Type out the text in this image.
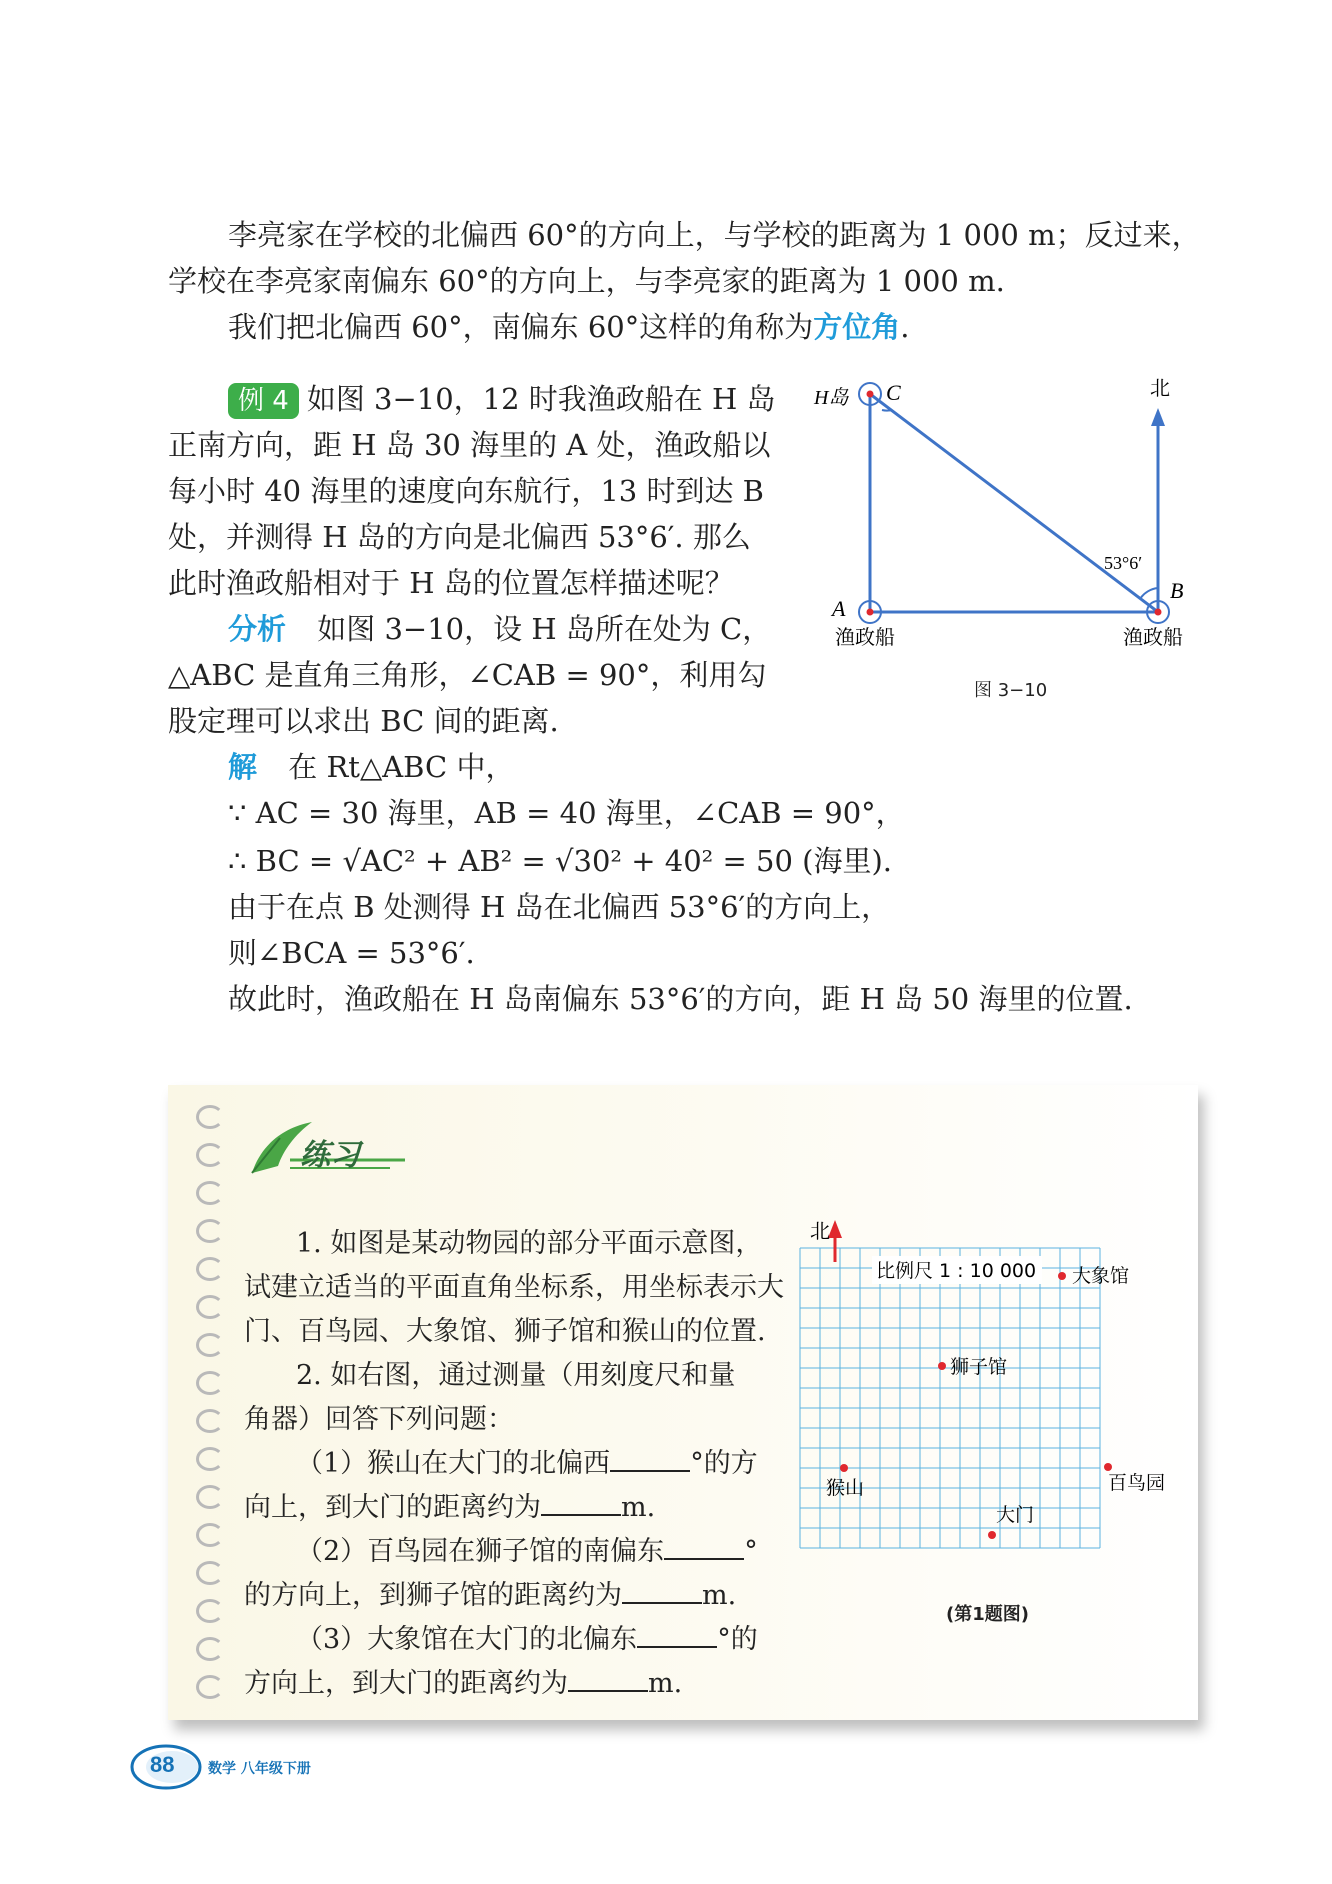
李亮家在学校的北偏西 60°的方向上，与学校的距离为 1 000 m；反过来，
学校在李亮家南偏东 60°的方向上，与李亮家的距离为 1 000 m.
我们把北偏西 60°，南偏东 60°这样的角称为方位角.
例 4 如图 3−10，12 时我渔政船在 H 岛
正南方向，距 H 岛 30 海里的 A 处，渔政船以
每小时 40 海里的速度向东航行，13 时到达 B
处，并测得 H 岛的方向是北偏西 53°6′. 那么
此时渔政船相对于 H 岛的位置怎样描述呢？
分析 如图 3−10，设 H 岛所在处为 C，
△ABC 是直角三角形，∠CAB = 90°，利用勾
股定理可以求出 BC 间的距离.
解 在 Rt△ABC 中，
∵ AC = 30 海里，AB = 40 海里，∠CAB = 90°，
∴ BC = √AC² + AB² = √30² + 40² = 50 (海里).
由于在点 B 处测得 H 岛在北偏西 53°6′的方向上，
则∠BCA = 53°6′.
故此时，渔政船在 H 岛南偏东 53°6′的方向，距 H 岛 50 海里的位置.
H岛 C	北
53°6′
B
A
渔政船	渔政船
图 3−10
练习
1. 如图是某动物园的部分平面示意图，
试建立适当的平面直角坐标系，用坐标表示大
门、百鸟园、大象馆、狮子馆和猴山的位置.
2. 如右图，通过测量（用刻度尺和量
角器）回答下列问题：
（1）猴山在大门的北偏西	°的方
向上，到大门的距离约为	m.
（2）百鸟园在狮子馆的南偏东	°
的方向上，到狮子馆的距离约为	m.
（3）大象馆在大门的北偏东	°的
方向上，到大门的距离约为	m.
北
比例尺 1 : 10 000 大象馆
狮子馆
猴山	百鸟园
大门
(第1题图)
88 数学 八年级下册
